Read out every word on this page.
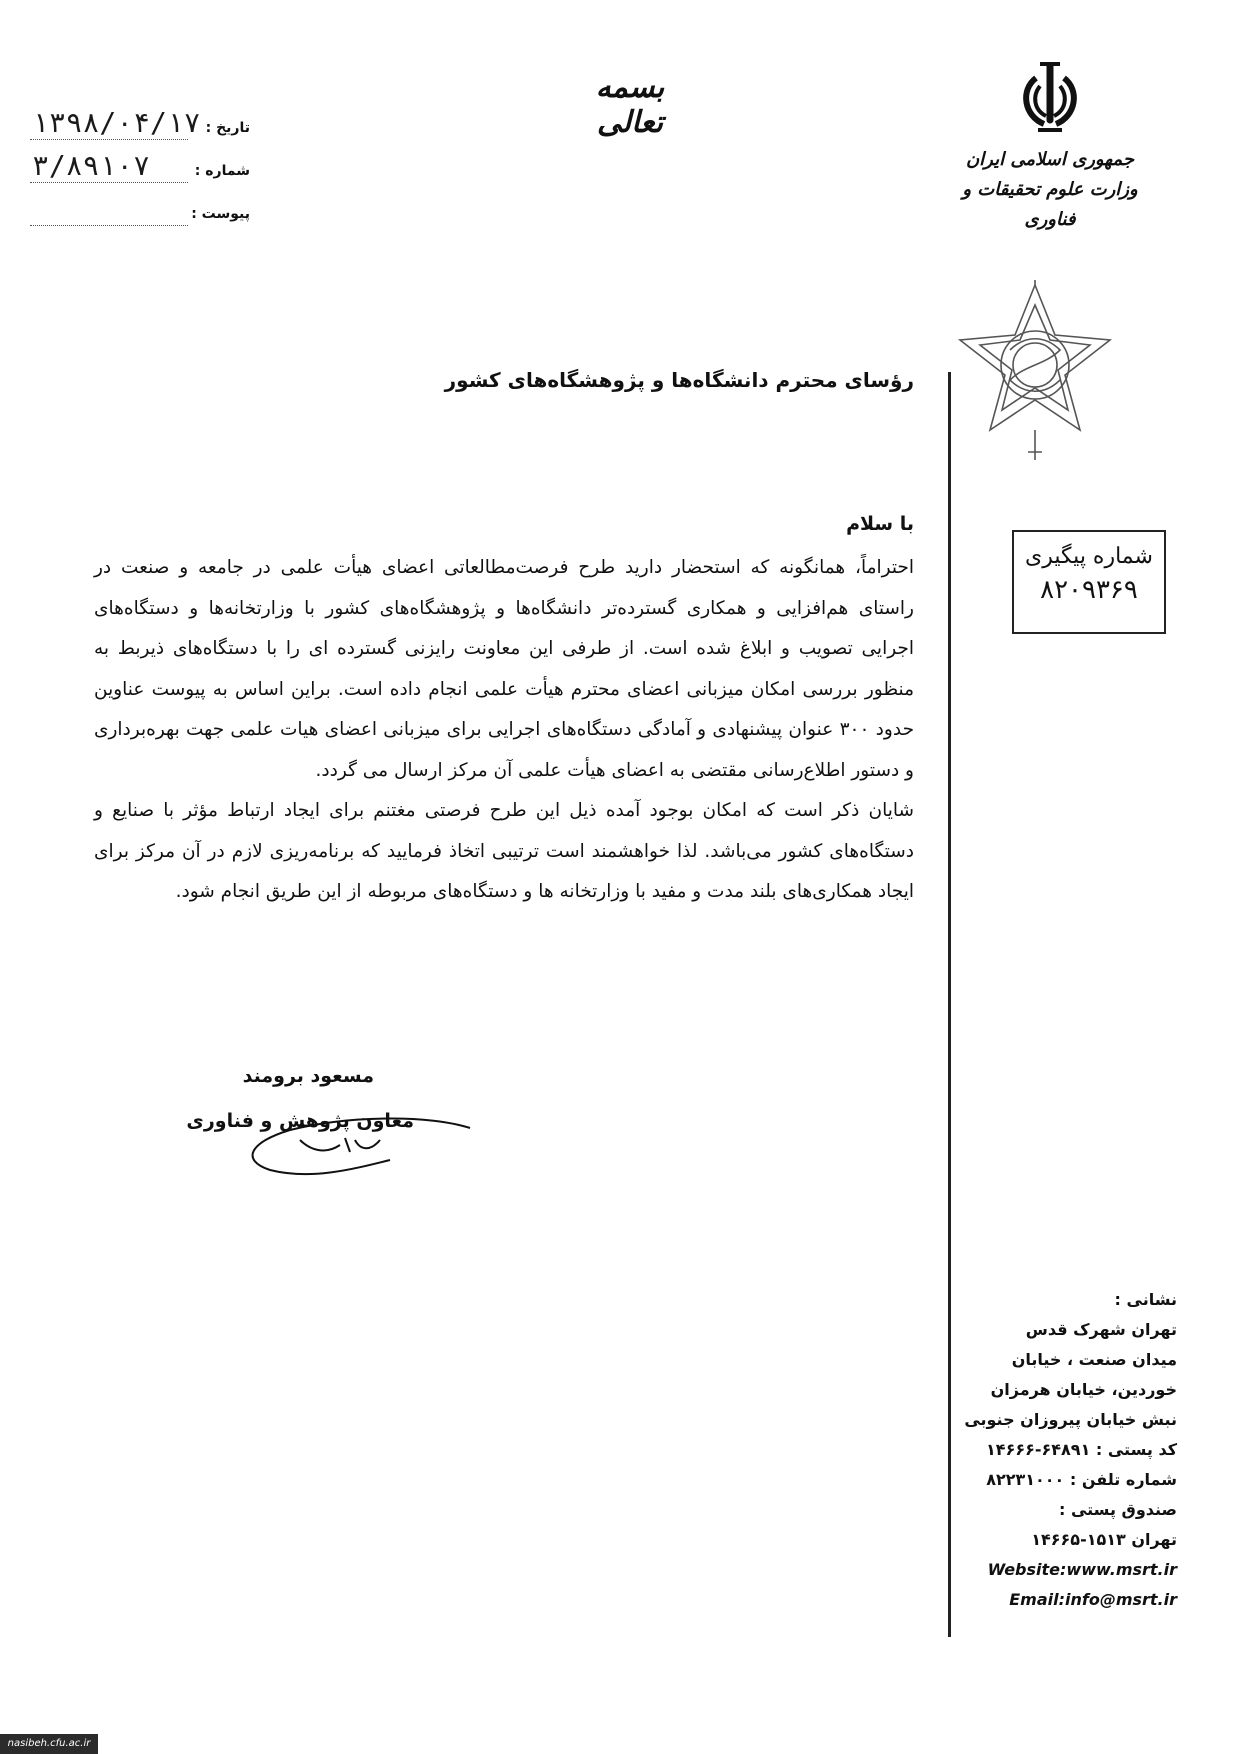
بسمه تعالی
تاریخ :
۱۳۹۸/۰۴/۱۷
شماره :
۳/۸۹۱۰۷
پیوست :
جمهوری اسلامی ایران
وزارت علوم تحقیقات و فناوری
رؤسای محترم دانشگاه‌ها و پژوهشگاه‌های کشور
با سلام

احتراماً، همانگونه که استحضار دارید طرح فرصت‌مطالعاتی اعضای هیأت علمی در جامعه و صنعت در راستای هم‌افزایی و همکاری گسترده‌تر دانشگاه‌ها و پژوهشگاه‌های کشور با وزارتخانه‌ها و دستگاه‌های اجرایی تصویب و ابلاغ شده است. از طرفی این معاونت رایزنی گسترده ای را با دستگاه‌های ذیربط به منظور بررسی امکان میزبانی اعضای محترم هیأت علمی انجام داده است. براین اساس به پیوست عناوین حدود ۳۰۰ عنوان پیشنهادی و آمادگی دستگاه‌های اجرایی برای میزبانی اعضای هیات علمی جهت بهره‌برداری و دستور اطلاع‌رسانی مقتضی به اعضای هیأت علمی آن مرکز ارسال می گردد.

شایان ذکر است که امکان بوجود آمده ذیل این طرح فرصتی مغتنم برای ایجاد ارتباط مؤثر با صنایع و دستگاه‌های کشور می‌باشد. لذا خواهشمند است ترتیبی اتخاذ فرمایید که برنامه‌ریزی لازم در آن مرکز برای ایجاد همکاری‌های بلند مدت و مفید با وزارتخانه ها و دستگاه‌های مربوطه از این طریق انجام شود.

شماره پیگیری
۸۲۰۹۳۶۹
مسعود برومند
معاون پژوهش و فناوری
نشانی :
تهران شهرک قدس
میدان صنعت ، خیابان
خوردین، خیابان هرمزان
نبش خیابان پیروزان جنوبی
کد پستی : ۶۴۸۹۱-۱۴۶۶۶
شماره تلفن : ۸۲۲۳۱۰۰۰
صندوق پستی :
تهران ۱۵۱۳-۱۴۶۶۵
Website:www.msrt.ir
Email:info@msrt.ir
nasibeh.cfu.ac.ir
